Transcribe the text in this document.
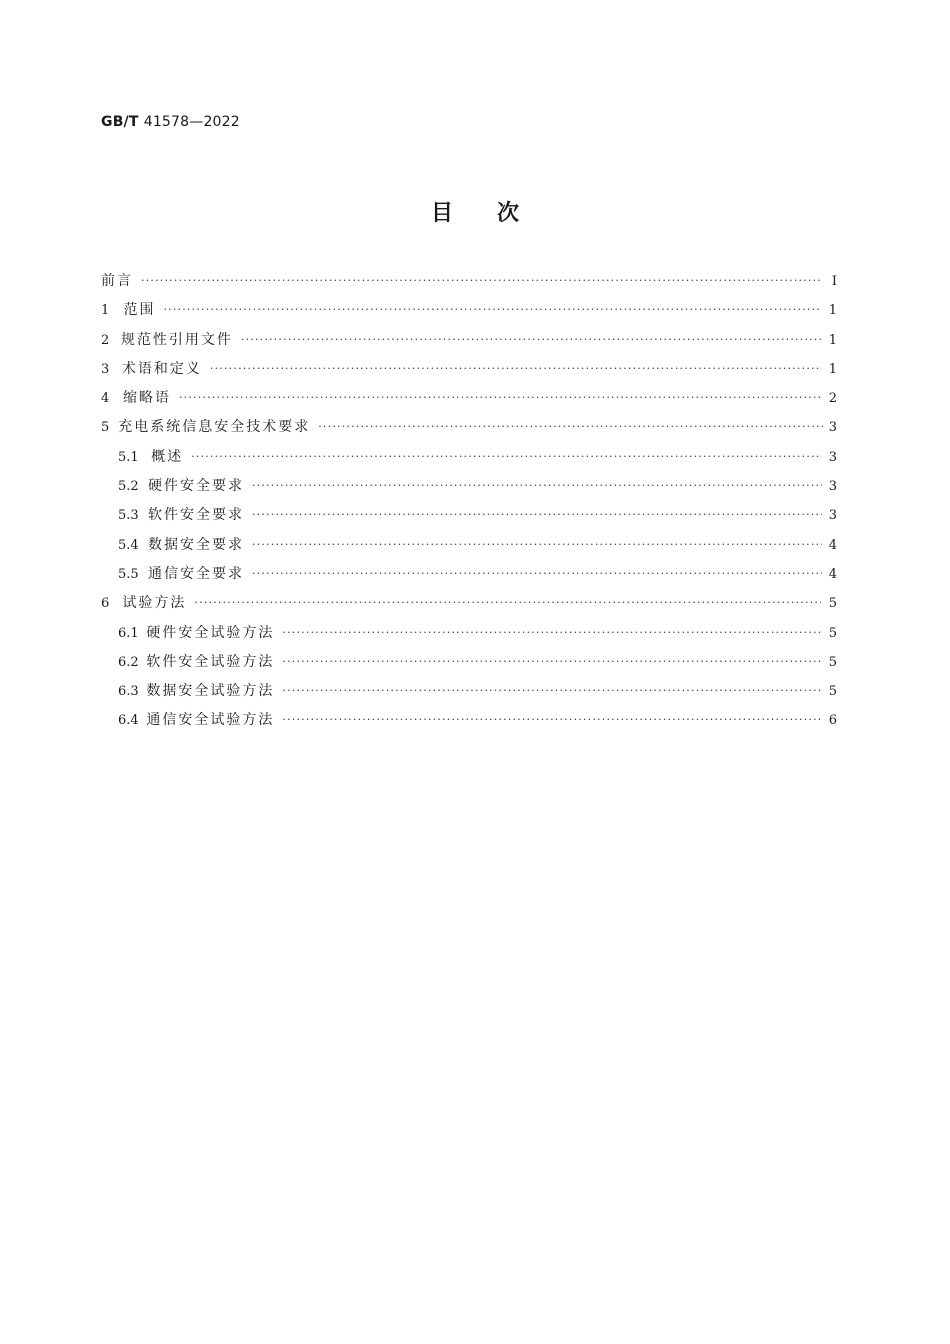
GB/T 41578—2022
目次
前言 ·····	Ⅰ
1	范围 ·····	1
2 规范性引用文件 ·····	1
3 术语和定义 ·····	1
4 缩略语 ·····	2
5 充电系统信息安全技术要求 ·····	3
5.1 概述 ·····	3
5.2 硬件安全要求 ·····	3
5.3 软件安全要求 ·····	3
5.4 数据安全要求 ·····	4
5.5 通信安全要求 ·····	4
6 试验方法 ·····	5
6.1 硬件安全试验方法 ·····	5
6.2 软件安全试验方法 ·····	5
6.3 数据安全试验方法 ·····	5
6.4 通信安全试验方法 ·····	6
